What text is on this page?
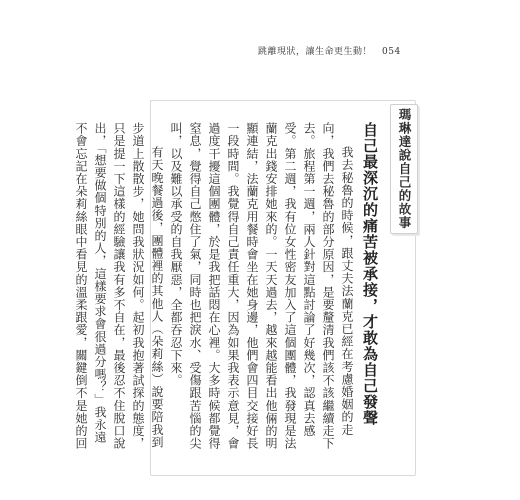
跳離現狀，讓生命更生動！ 054
瑪琳達說自己的故事
自己最深沉的痛苦被承接，才敢為自己發聲

我去秘魯的時候，跟丈夫法蘭克已經在考慮婚姻的走向，我們去秘魯的部分原因，是要釐清我們該不該繼續走下去。旅程第一週，兩人針對這點討論了好幾次，認真去感受。第二週，我有位女性密友加入了這個團體，我發現是法蘭克出錢安排她來的。一天天過去，越來越能看出他倆的明顯連結，法蘭克用餐時會坐在她身邊，他們會四目交接好長一段時間。我覺得自己責任重大，因為如果我表示意見，會過度干擾這個團體，於是我把話悶在心裡。大多時候都覺得窒息，覺得自己憋住了氣，同時也把淚水、受傷跟苦惱的尖叫，以及難以承受的自我厭惡，全都吞忍下來。

有天晚餐過後，團體裡的其他人（朵莉絲）說要陪我到步道上散散步，她問我狀況如何。起初我抱著試探的態度，只是提一下這樣的經驗讓我有多不自在，最後忍不住脫口說出，「想要做個特別的人，這樣要求會很過分嗎？」我永遠不會忘記在朵莉絲眼中看見的溫柔跟愛，關鍵倒不是她的回
